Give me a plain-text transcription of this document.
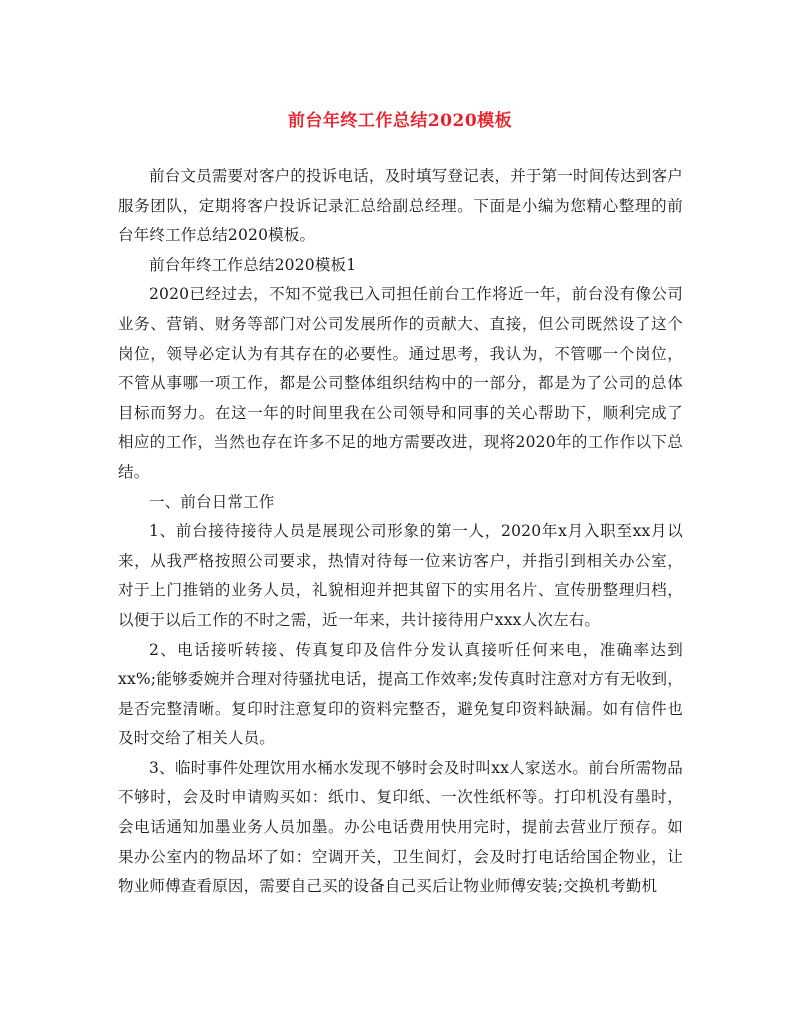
前台年终工作总结2020模板

前台文员需要对客户的投诉电话，及时填写登记表，并于第一时间传达到客户服务团队，定期将客户投诉记录汇总给副总经理。下面是小编为您精心整理的前台年终工作总结2020模板。

前台年终工作总结2020模板1

2020已经过去，不知不觉我已入司担任前台工作将近一年，前台没有像公司业务、营销、财务等部门对公司发展所作的贡献大、直接，但公司既然设了这个岗位，领导必定认为有其存在的必要性。通过思考，我认为，不管哪一个岗位，不管从事哪一项工作，都是公司整体组织结构中的一部分，都是为了公司的总体目标而努力。在这一年的时间里我在公司领导和同事的关心帮助下，顺利完成了相应的工作，当然也存在许多不足的地方需要改进，现将2020年的工作作以下总结。

一、前台日常工作

1、前台接待接待人员是展现公司形象的第一人，2020年x月入职至xx月以来，从我严格按照公司要求，热情对待每一位来访客户，并指引到相关办公室，对于上门推销的业务人员，礼貌相迎并把其留下的实用名片、宣传册整理归档，以便于以后工作的不时之需，近一年来，共计接待用户xxx人次左右。

2、电话接听转接、传真复印及信件分发认真接听任何来电，准确率达到xx%;能够委婉并合理对待骚扰电话，提高工作效率;发传真时注意对方有无收到，是否完整清晰。复印时注意复印的资料完整否，避免复印资料缺漏。如有信件也及时交给了相关人员。

3、临时事件处理饮用水桶水发现不够时会及时叫xx人家送水。前台所需物品不够时，会及时申请购买如：纸巾、复印纸、一次性纸杯等。打印机没有墨时，会电话通知加墨业务人员加墨。办公电话费用快用完时，提前去营业厅预存。如果办公室内的物品坏了如：空调开关，卫生间灯，会及时打电话给国企物业，让物业师傅查看原因，需要自己买的设备自己买后让物业师傅安装;交换机考勤机
